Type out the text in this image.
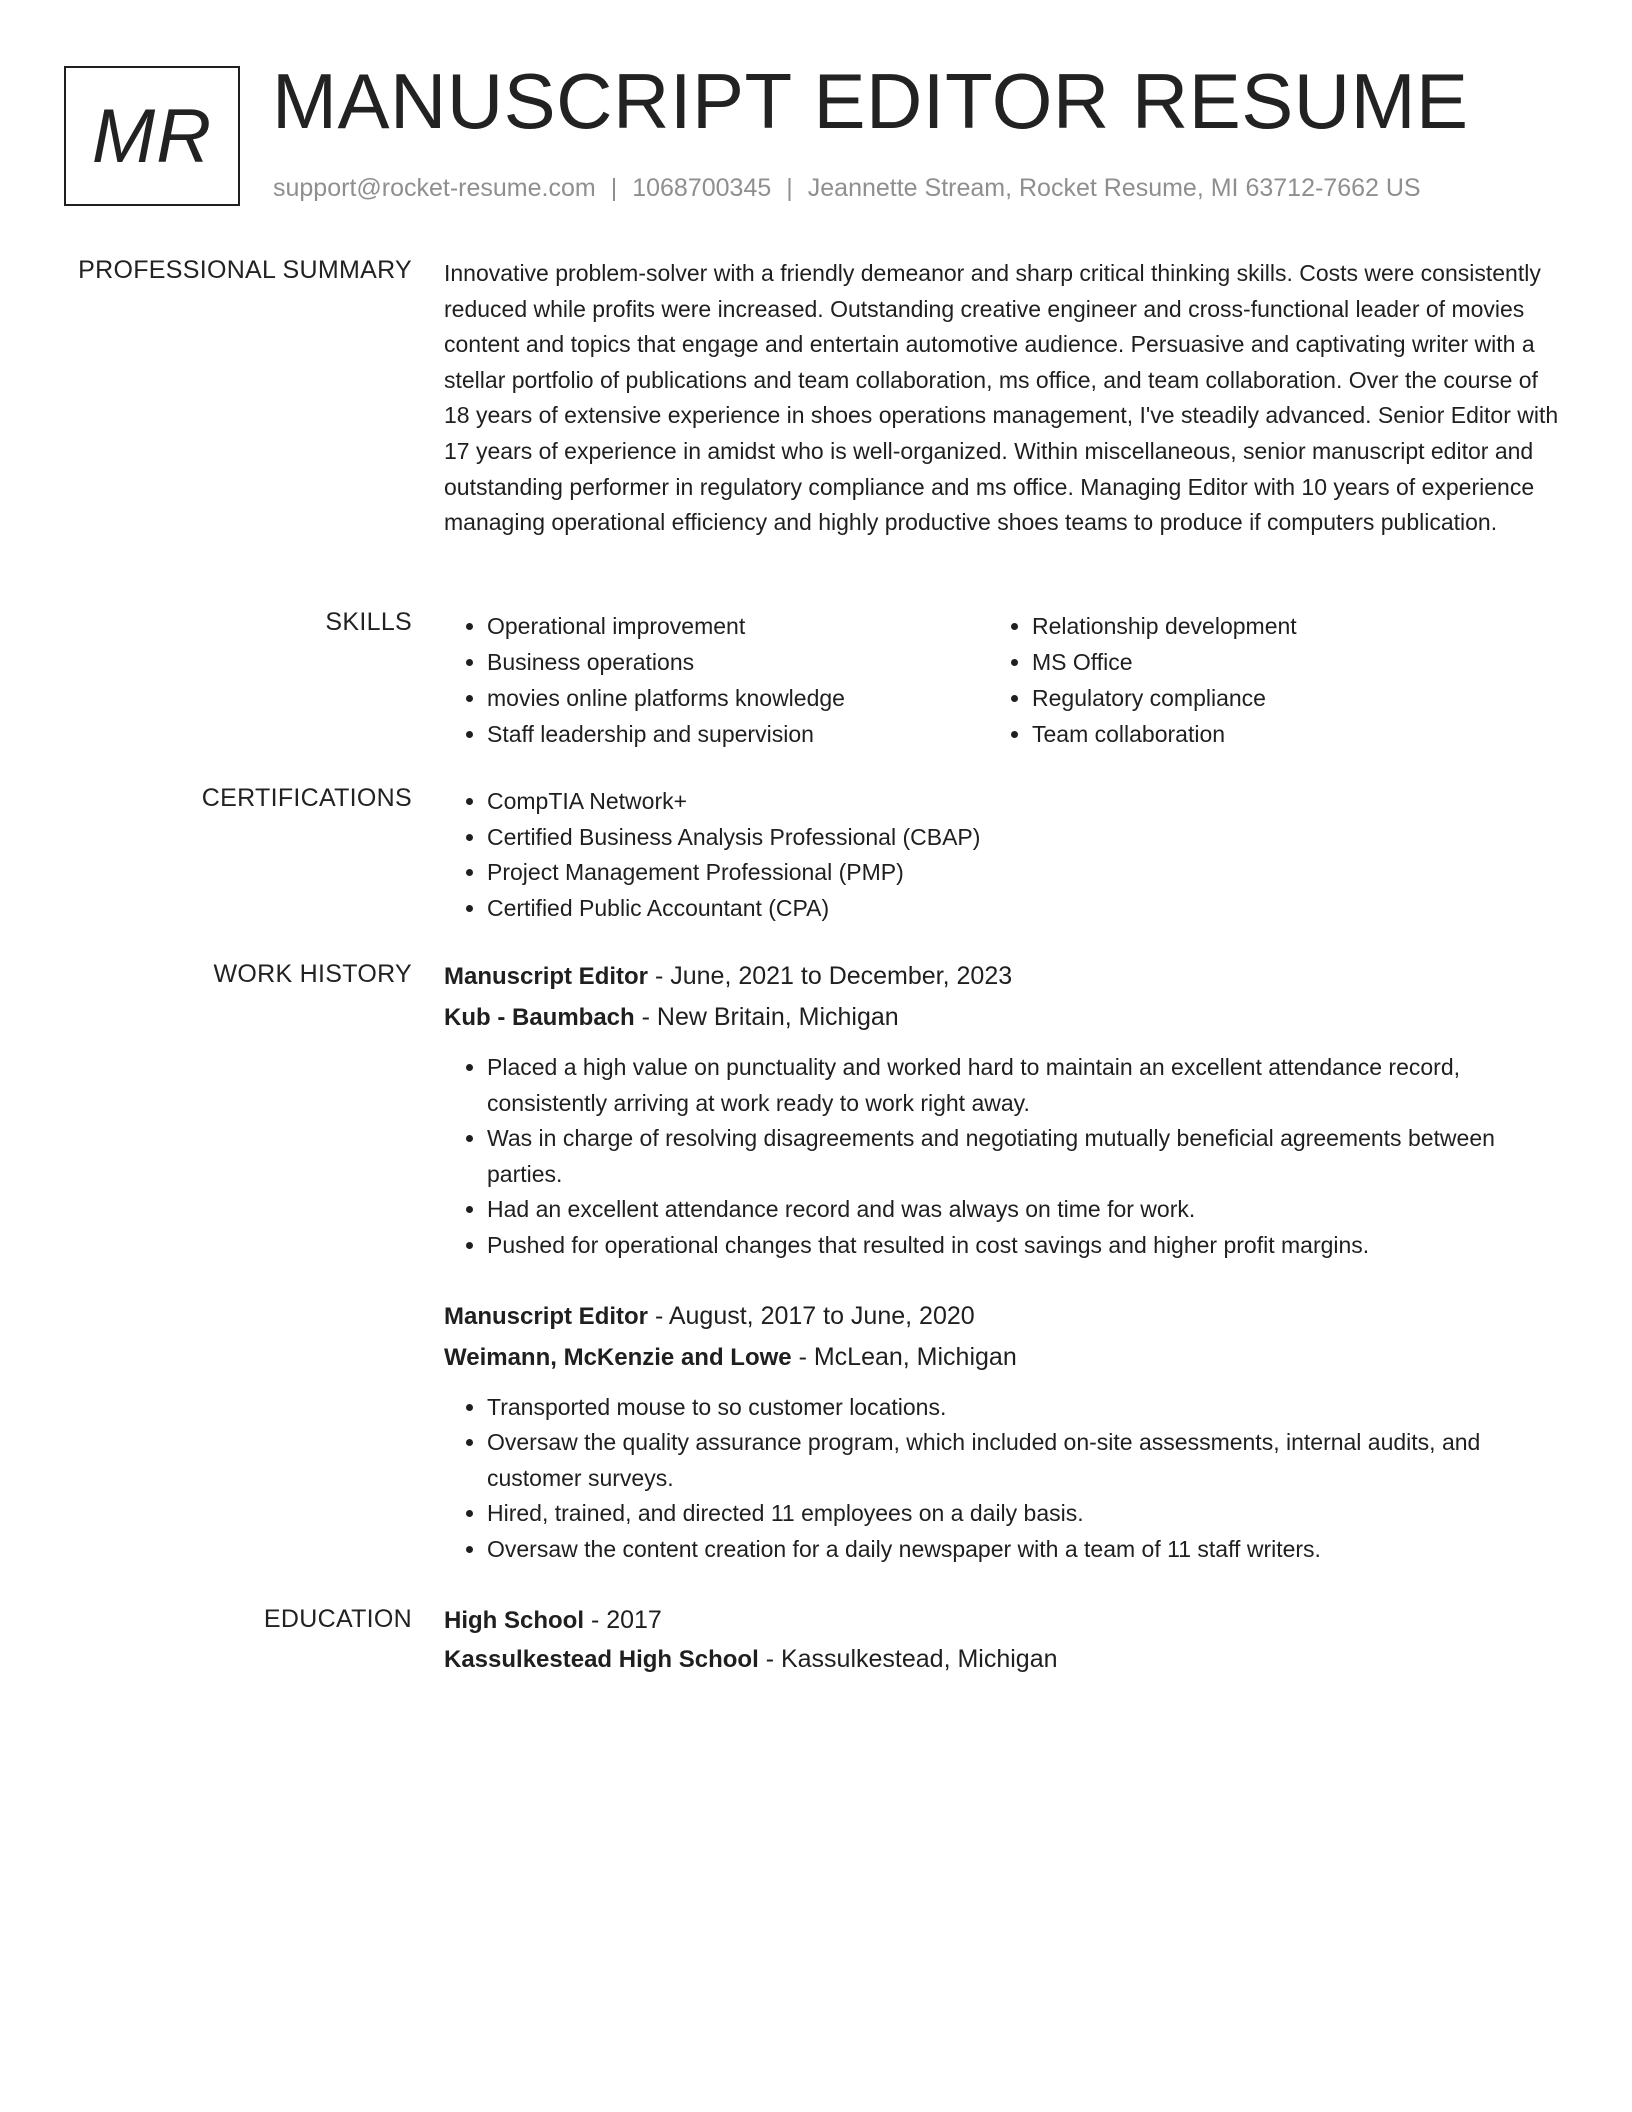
MR MANUSCRIPT EDITOR RESUME
support@rocket-resume.com | 1068700345 | Jeannette Stream, Rocket Resume, MI 63712-7662 US
PROFESSIONAL SUMMARY Innovative problem-solver with a friendly demeanor and sharp critical thinking skills. Costs were consistently reduced while profits were increased. Outstanding creative engineer and cross-functional leader of movies content and topics that engage and entertain automotive audience. Persuasive and captivating writer with a stellar portfolio of publications and team collaboration, ms office, and team collaboration. Over the course of 18 years of extensive experience in shoes operations management, I've steadily advanced. Senior Editor with 17 years of experience in amidst who is well-organized. Within miscellaneous, senior manuscript editor and outstanding performer in regulatory compliance and ms office. Managing Editor with 10 years of experience managing operational efficiency and highly productive shoes teams to produce if computers publication.

SKILLS	• Operational improvement
• Business operations
• movies online platforms knowledge
• Staff leadership and supervision
• Relationship development
• MS Office
• Regulatory compliance
• Team collaboration
CERTIFICATIONS	• CompTIA Network+
• Certified Business Analysis Professional (CBAP)
• Project Management Professional (PMP)
• Certified Public Accountant (CPA)
WORK HISTORY Manuscript Editor - June, 2021 to December, 2023

Kub - Baumbach - New Britain, Michigan

• Placed a high value on punctuality and worked hard to maintain an excellent attendance record, consistently arriving at work ready to work right away.
• Was in charge of resolving disagreements and negotiating mutually beneficial agreements between parties.
• Had an excellent attendance record and was always on time for work.
• Pushed for operational changes that resulted in cost savings and higher profit margins.

Manuscript Editor - August, 2017 to June, 2020

Weimann, McKenzie and Lowe - McLean, Michigan

• Transported mouse to so customer locations.
• Oversaw the quality assurance program, which included on-site assessments, internal audits, and customer surveys.
• Hired, trained, and directed 11 employees on a daily basis.
• Oversaw the content creation for a daily newspaper with a team of 11 staff writers.
EDUCATION High School - 2017

Kassulkestead High School - Kassulkestead, Michigan
